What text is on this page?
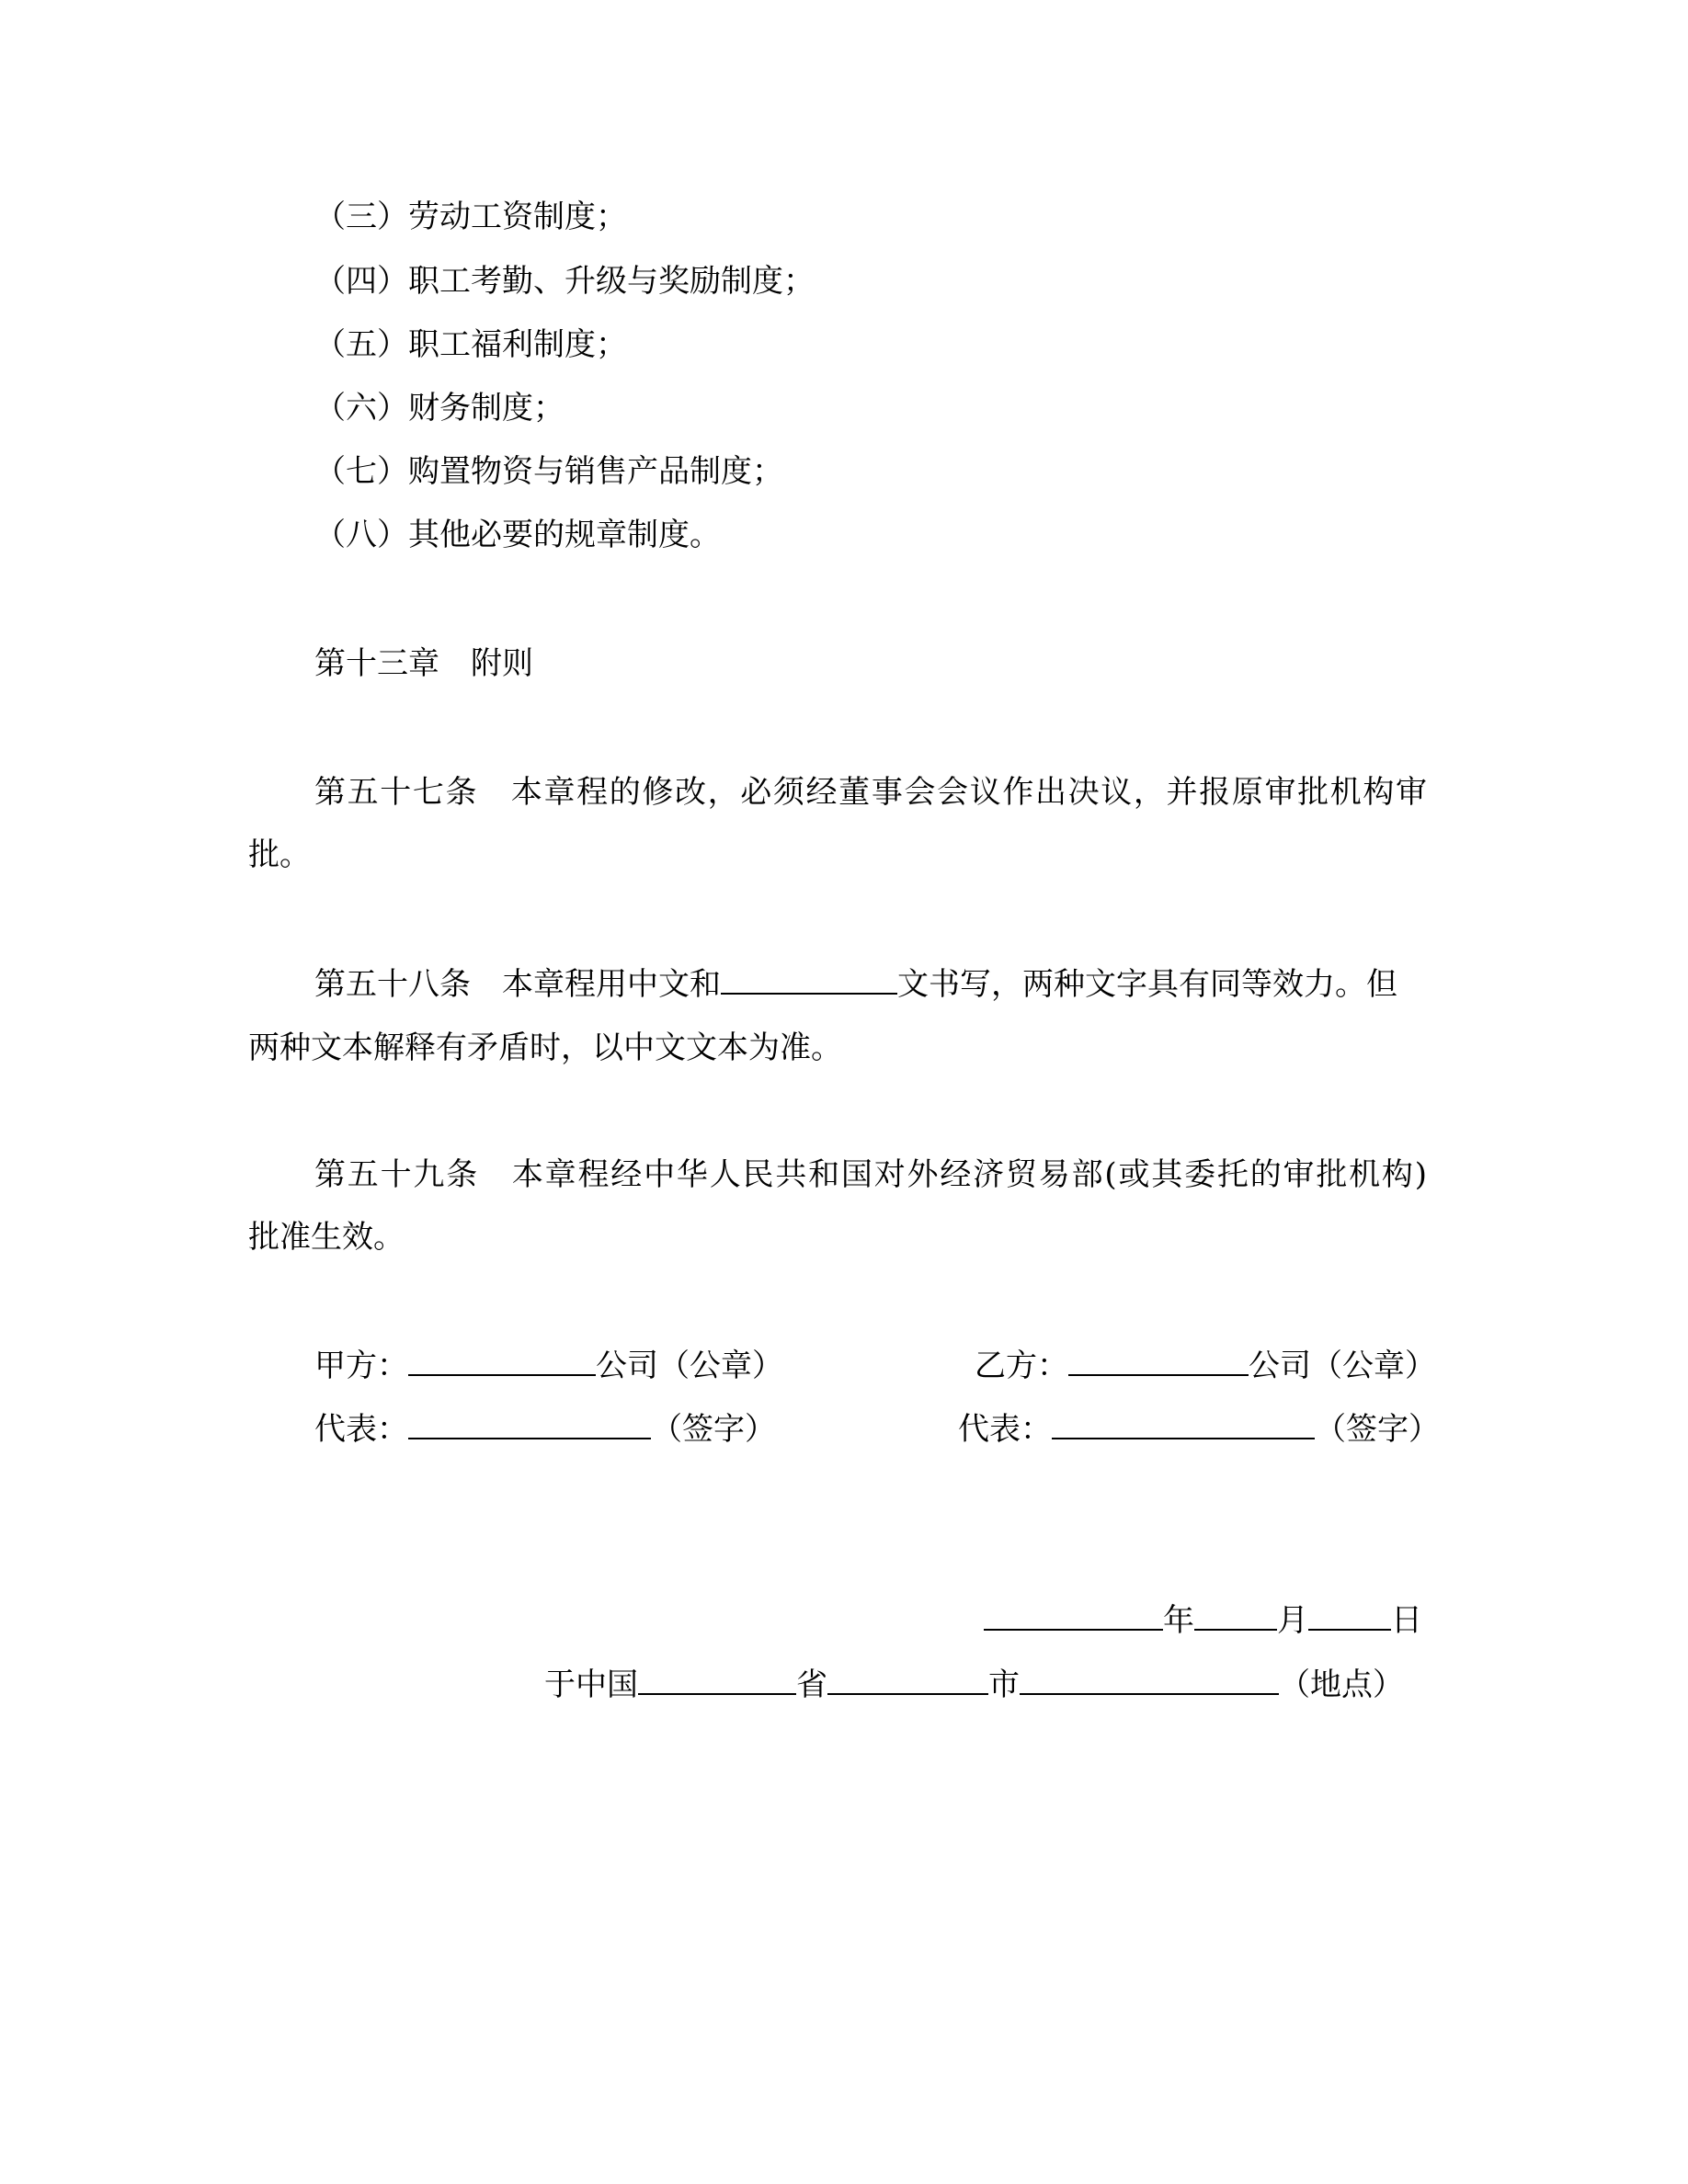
（三）劳动工资制度；
（四）职工考勤、升级与奖励制度；
（五）职工福利制度；
（六）财务制度；
（七）购置物资与销售产品制度；
（八）其他必要的规章制度。
第十三章 附则
第五十七条 本章程的修改，必须经董事会会议作出决议，并报原审批机构审
批。
第五十八条 本章程用中文和	文书写，两种文字具有同等效力。但
两种文本解释有矛盾时，以中文文本为准。
第五十九条 本章程经中华人民共和国对外经济贸易部(或其委托的审批机构)
批准生效。
甲方：	公司（公章）	乙方：	公司（公章）
代表：	（签字）	代表：	（签字）
年	月	日
于中国	省	市	（地点）
